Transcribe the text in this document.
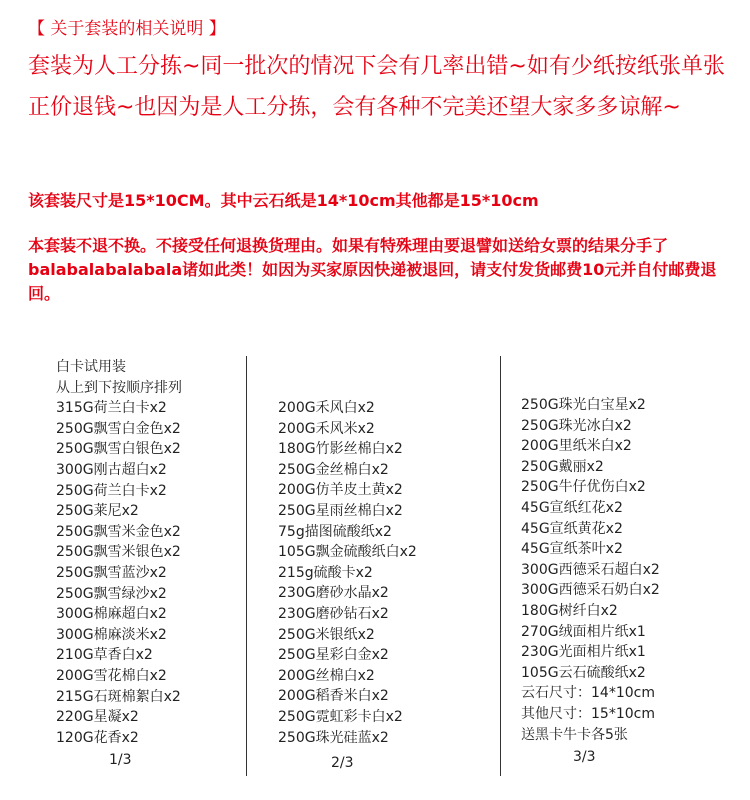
【 关于套装的相关说明 】
套装为人工分拣~同一批次的情况下会有几率出错~如有少纸按纸张单张正价退钱~也因为是人工分拣，会有各种不完美还望大家多多谅解~
该套装尺寸是15*10CM。其中云石纸是14*10cm其他都是15*10cm
本套装不退不换。不接受任何退换货理由。如果有特殊理由要退譬如送给女票的结果分手了balabalabalabala诸如此类！如因为买家原因快递被退回，请支付发货邮费10元并自付邮费退回。
白卡试用装
从上到下按顺序排列
315G荷兰白卡x2
250G飘雪白金色x2
250G飘雪白银色x2
300G刚古超白x2
250G荷兰白卡x2
250G莱尼x2
250G飘雪米金色x2
250G飘雪米银色x2
250G飘雪蓝沙x2
250G飘雪绿沙x2
300G棉麻超白x2
300G棉麻淡米x2
210G草香白x2
200G雪花棉白x2
215G石斑棉絮白x2
220G星凝x2
120G花香x2
200G禾风白x2
200G禾风米x2
180G竹影丝棉白x2
250G金丝棉白x2
200G仿羊皮土黄x2
250G星雨丝棉白x2
75g描图硫酸纸x2
105G飘金硫酸纸白x2
215g硫酸卡x2
230G磨砂水晶x2
230G磨砂钻石x2
250G米银纸x2
250G星彩白金x2
200G丝棉白x2
200G稻香米白x2
250G霓虹彩卡白x2
250G珠光硅蓝x2
250G珠光白宝星x2
250G珠光冰白x2
200G里纸米白x2
250G戴丽x2
250G牛仔优伤白x2
45G宣纸红花x2
45G宣纸黄花x2
45G宣纸茶叶x2
300G西德采石超白x2
300G西德采石奶白x2
180G树纤白x2
270G绒面相片纸x1
230G光面相片纸x1
105G云石硫酸纸x2
云石尺寸：14*10cm
其他尺寸：15*10cm
送黑卡牛卡各5张
1/3	2/3	3/3
